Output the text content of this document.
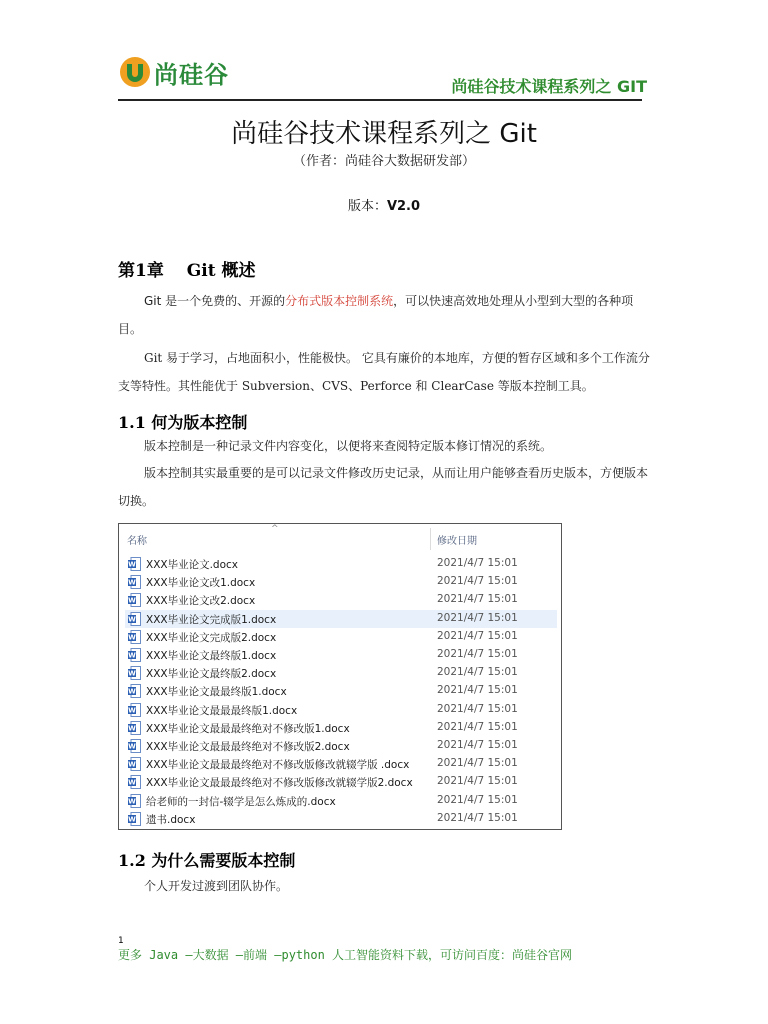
尚硅谷	尚硅谷技术课程系列之 GIT
尚硅谷技术课程系列之 Git
（作者：尚硅谷大数据研发部）
版本：V2.0
第1章　 Git 概述
Git 是一个免费的、开源的分布式版本控制系统，可以快速高效地处理从小型到大型的各种项目。
Git 易于学习，占地面积小，性能极快。 它具有廉价的本地库，方便的暂存区域和多个工作流分支等特性。其性能优于 Subversion、CVS、Perforce 和 ClearCase 等版本控制工具。
1.1 何为版本控制
版本控制是一种记录文件内容变化，以便将来查阅特定版本修订情况的系统。
版本控制其实最重要的是可以记录文件修改历史记录，从而让用户能够查看历史版本，方便版本切换。
^
名称	修改日期
W XXX毕业论文.docx	2021/4/7 15:01
W XXX毕业论文改1.docx	2021/4/7 15:01
W XXX毕业论文改2.docx	2021/4/7 15:01
W XXX毕业论文完成版1.docx	2021/4/7 15:01
W XXX毕业论文完成版2.docx	2021/4/7 15:01
W XXX毕业论文最终版1.docx	2021/4/7 15:01
W XXX毕业论文最终版2.docx	2021/4/7 15:01
W XXX毕业论文最最终版1.docx	2021/4/7 15:01
W XXX毕业论文最最最终版1.docx	2021/4/7 15:01
W XXX毕业论文最最最终绝对不修改版1.docx	2021/4/7 15:01
W XXX毕业论文最最最终绝对不修改版2.docx	2021/4/7 15:01
W XXX毕业论文最最最终绝对不修改版修改就辍学版 .docx	2021/4/7 15:01
W XXX毕业论文最最最终绝对不修改版修改就辍学版2.docx 2021/4/7 15:01
W 给老师的一封信-辍学是怎么炼成的.docx	2021/4/7 15:01
W 遗书.docx	2021/4/7 15:01
1.2 为什么需要版本控制
个人开发过渡到团队协作。
1
更多 Java –大数据 –前端 –python 人工智能资料下载，可访问百度：尚硅谷官网
